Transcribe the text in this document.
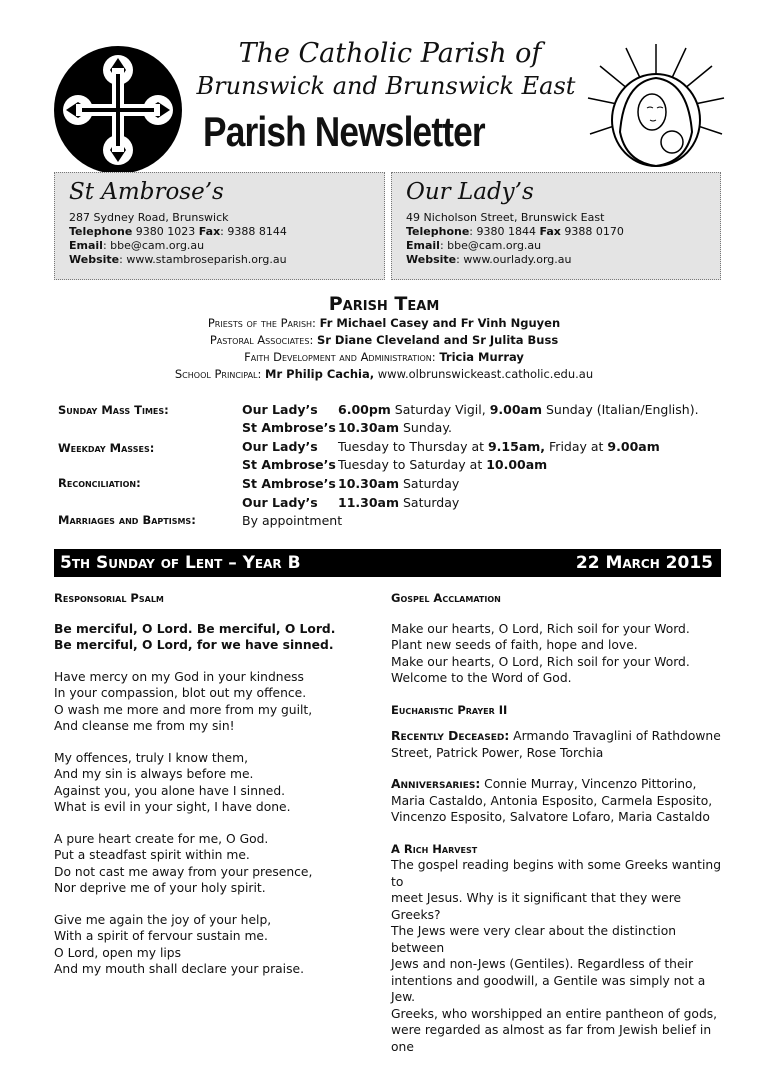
The Catholic Parish of
Brunswick and Brunswick East
Parish Newsletter
St Ambrose’s
287 Sydney Road, Brunswick
Telephone 9380 1023 Fax: 9388 8144
Email: bbe@cam.org.au
Website: www.stambroseparish.org.au
Our Lady’s
49 Nicholson Street, Brunswick East
Telephone: 9380 1844 Fax 9388 0170
Email: bbe@cam.org.au
Website: www.ourlady.org.au
Parish Team
Priests of the Parish: Fr Michael Casey and Fr Vinh Nguyen
Pastoral Associates: Sr Diane Cleveland and Sr Julita Buss
Faith Development and Administration: Tricia Murray
School Principal: Mr Philip Cachia, www.olbrunswickeast.catholic.edu.au
Sunday Mass Times:
Weekday Masses:
Reconciliation:
Marriages and Baptisms:
Our Lady’s 6.00pm Saturday Vigil, 9.00am Sunday (Italian/English).
St Ambrose’s 10.30am Sunday.
Our Lady’s Tuesday to Thursday at 9.15am, Friday at 9.00am
St Ambrose’s Tuesday to Saturday at 10.00am
St Ambrose’s 10.30am Saturday
Our Lady’s 11.30am Saturday
By appointment
5th Sunday of Lent – Year B	22 March 2015
Responsorial Psalm

Be merciful, O Lord. Be merciful, O Lord.
Be merciful, O Lord, for we have sinned.

Have mercy on my God in your kindness
In your compassion, blot out my offence.
O wash me more and more from my guilt,
And cleanse me from my sin!

My offences, truly I know them,
And my sin is always before me.
Against you, you alone have I sinned.
What is evil in your sight, I have done.

A pure heart create for me, O God.
Put a steadfast spirit within me.
Do not cast me away from your presence,
Nor deprive me of your holy spirit.

Give me again the joy of your help,
With a spirit of fervour sustain me.
O Lord, open my lips
And my mouth shall declare your praise.

Gospel Acclamation

Make our hearts, O Lord, Rich soil for your Word.
Plant new seeds of faith, hope and love.
Make our hearts, O Lord, Rich soil for your Word.
Welcome to the Word of God.

Eucharistic Prayer II

Recently Deceased: Armando Travaglini of Rathdowne Street, Patrick Power, Rose Torchia

Anniversaries: Connie Murray, Vincenzo Pittorino, Maria Castaldo, Antonia Esposito, Carmela Esposito, Vincenzo Esposito, Salvatore Lofaro, Maria Castaldo

A Rich Harvest

The gospel reading begins with some Greeks wanting to
meet Jesus. Why is it significant that they were Greeks?
The Jews were very clear about the distinction between
Jews and non-Jews (Gentiles). Regardless of their
intentions and goodwill, a Gentile was simply not a Jew.
Greeks, who worshipped an entire pantheon of gods,
were regarded as almost as far from Jewish belief in one
